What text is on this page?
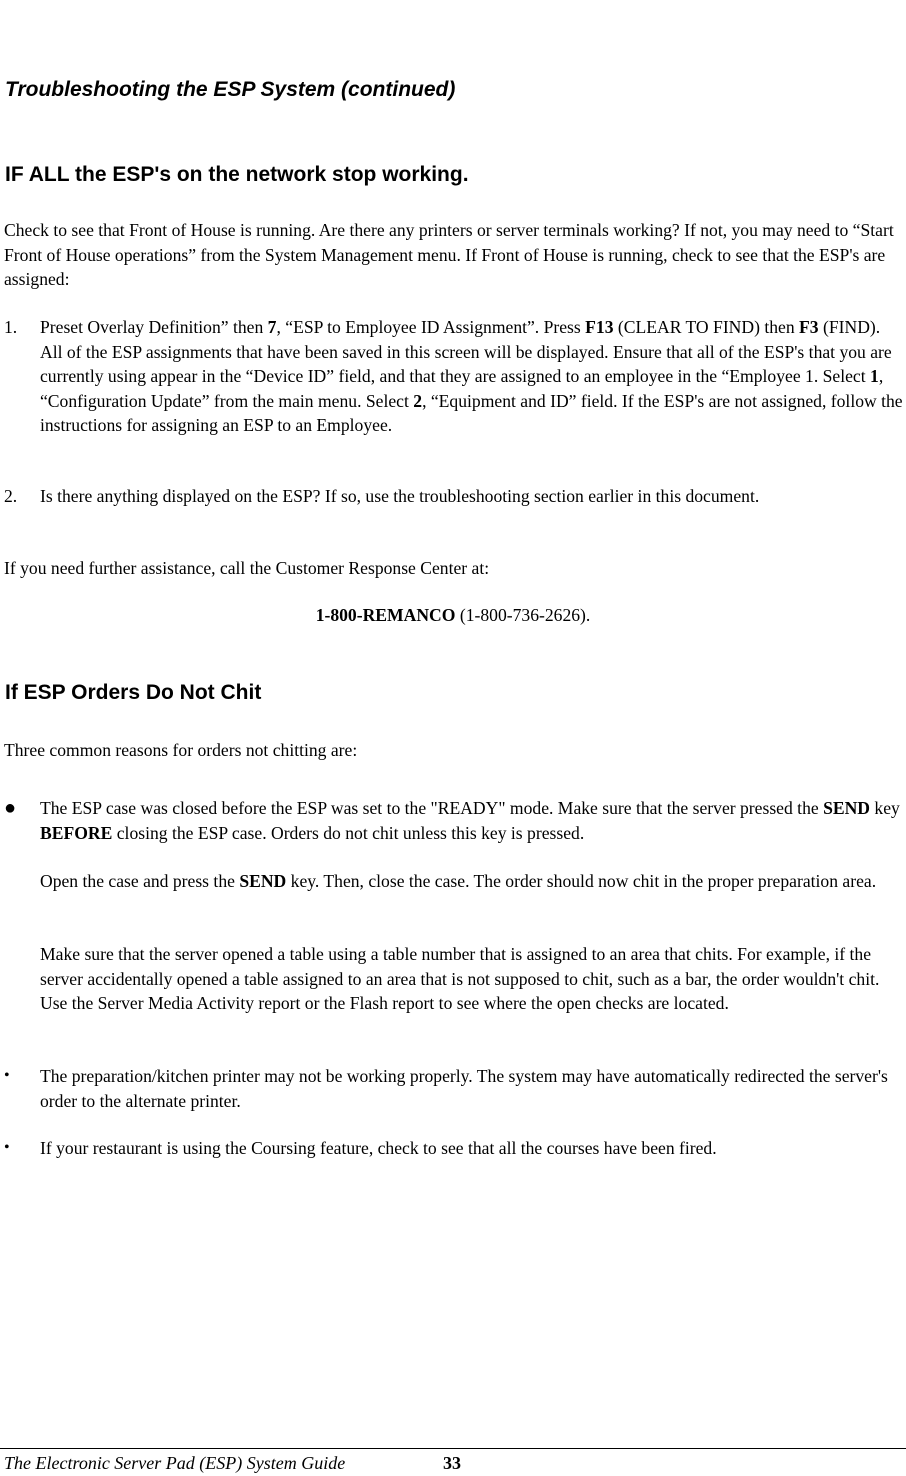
Troubleshooting the ESP System (continued)
IF ALL the ESP's on the network stop working.
Check to see that Front of House is running. Are there any printers or server terminals working? If not, you may need to “Start Front of House operations” from the System Management menu. If Front of House is running, check to see that the ESP's are assigned:
1. Preset Overlay Definition” then 7, “ESP to Employee ID Assignment”. Press F13 (CLEAR TO FIND) then F3 (FIND). All of the ESP assignments that have been saved in this screen will be displayed. Ensure that all of the ESP's that you are currently using appear in the “Device ID” field, and that they are assigned to an employee in the “Employee 1. Select 1, “Configuration Update” from the main menu. Select 2, “Equipment and ID” field. If the ESP's are not assigned, follow the instructions for assigning an ESP to an Employee.
2. Is there anything displayed on the ESP? If so, use the troubleshooting section earlier in this document.
If you need further assistance, call the Customer Response Center at:
1-800-REMANCO (1-800-736-2626).
If ESP Orders Do Not Chit
Three common reasons for orders not chitting are:
● The ESP case was closed before the ESP was set to the "READY" mode. Make sure that the server pressed the SEND key BEFORE closing the ESP case. Orders do not chit unless this key is pressed.
Open the case and press the SEND key. Then, close the case. The order should now chit in the proper preparation area.
Make sure that the server opened a table using a table number that is assigned to an area that chits. For example, if the server accidentally opened a table assigned to an area that is not supposed to chit, such as a bar, the order wouldn't chit. Use the Server Media Activity report or the Flash report to see where the open checks are located.
• The preparation/kitchen printer may not be working properly. The system may have automatically redirected the server's order to the alternate printer.
• If your restaurant is using the Coursing feature, check to see that all the courses have been fired.
The Electronic Server Pad (ESP) System Guide	33
